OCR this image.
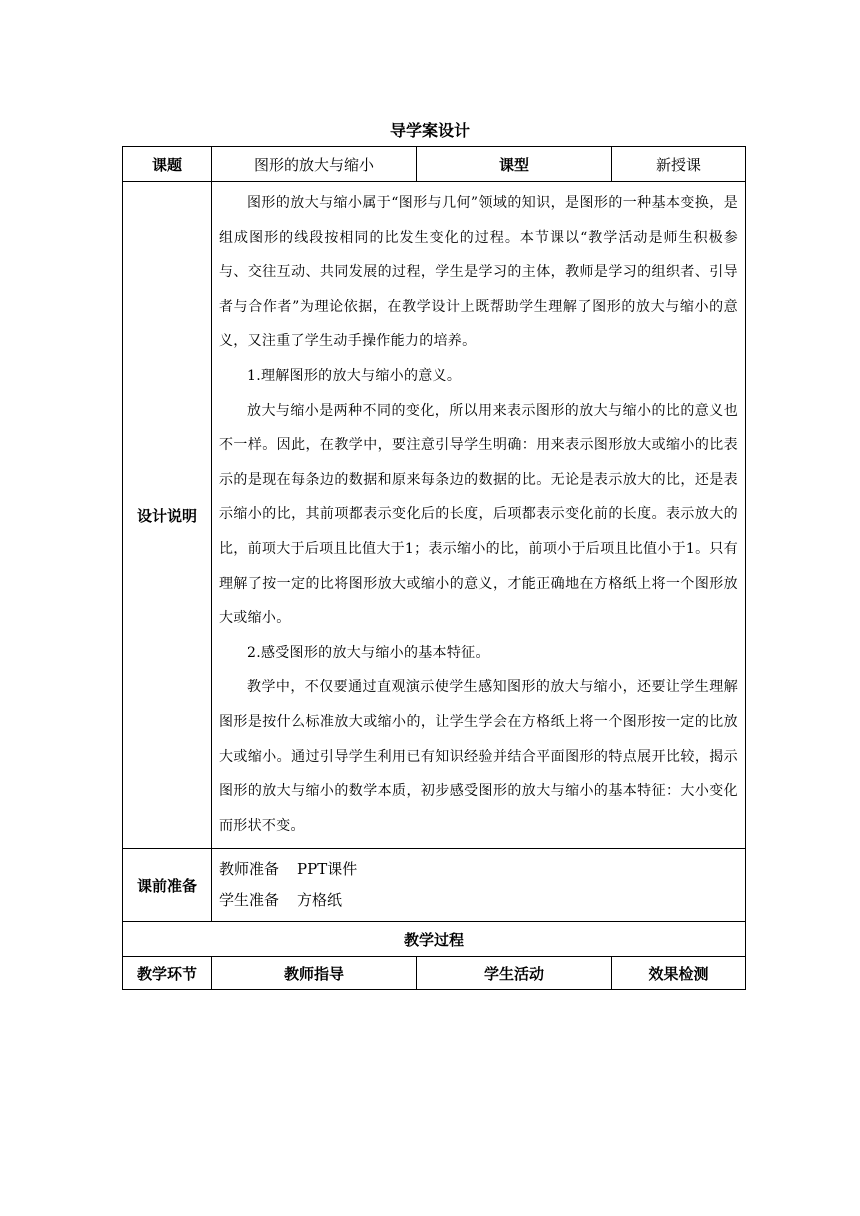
导学案设计
课题	图形的放大与缩小	课型	新授课
设计说明	图形的放大与缩小属于“图形与几何”领域的知识，是图形的一种基本变换，是组成图形的线段按相同的比发生变化的过程。本节课以“教学活动是师生积极参与、交往互动、共同发展的过程，学生是学习的主体，教师是学习的组织者、引导者与合作者”为理论依据，在教学设计上既帮助学生理解了图形的放大与缩小的意义，又注重了学生动手操作能力的培养。

1.理解图形的放大与缩小的意义。

放大与缩小是两种不同的变化，所以用来表示图形的放大与缩小的比的意义也不一样。因此，在教学中，要注意引导学生明确：用来表示图形放大或缩小的比表示的是现在每条边的数据和原来每条边的数据的比。无论是表示放大的比，还是表示缩小的比，其前项都表示变化后的长度，后项都表示变化前的长度。表示放大的比，前项大于后项且比值大于1；表示缩小的比，前项小于后项且比值小于1。只有理解了按一定的比将图形放大或缩小的意义，才能正确地在方格纸上将一个图形放大或缩小。

2.感受图形的放大与缩小的基本特征。

教学中，不仅要通过直观演示使学生感知图形的放大与缩小，还要让学生理解图形是按什么标准放大或缩小的，让学生学会在方格纸上将一个图形按一定的比放大或缩小。通过引导学生利用已有知识经验并结合平面图形的特点展开比较，揭示图形的放大与缩小的数学本质，初步感受图形的放大与缩小的基本特征：大小变化而形状不变。		

课前准备	教师准备 PPT课件
学生准备 方格纸		

教学过程			
教学环节	教师指导	学生活动	效果检测
